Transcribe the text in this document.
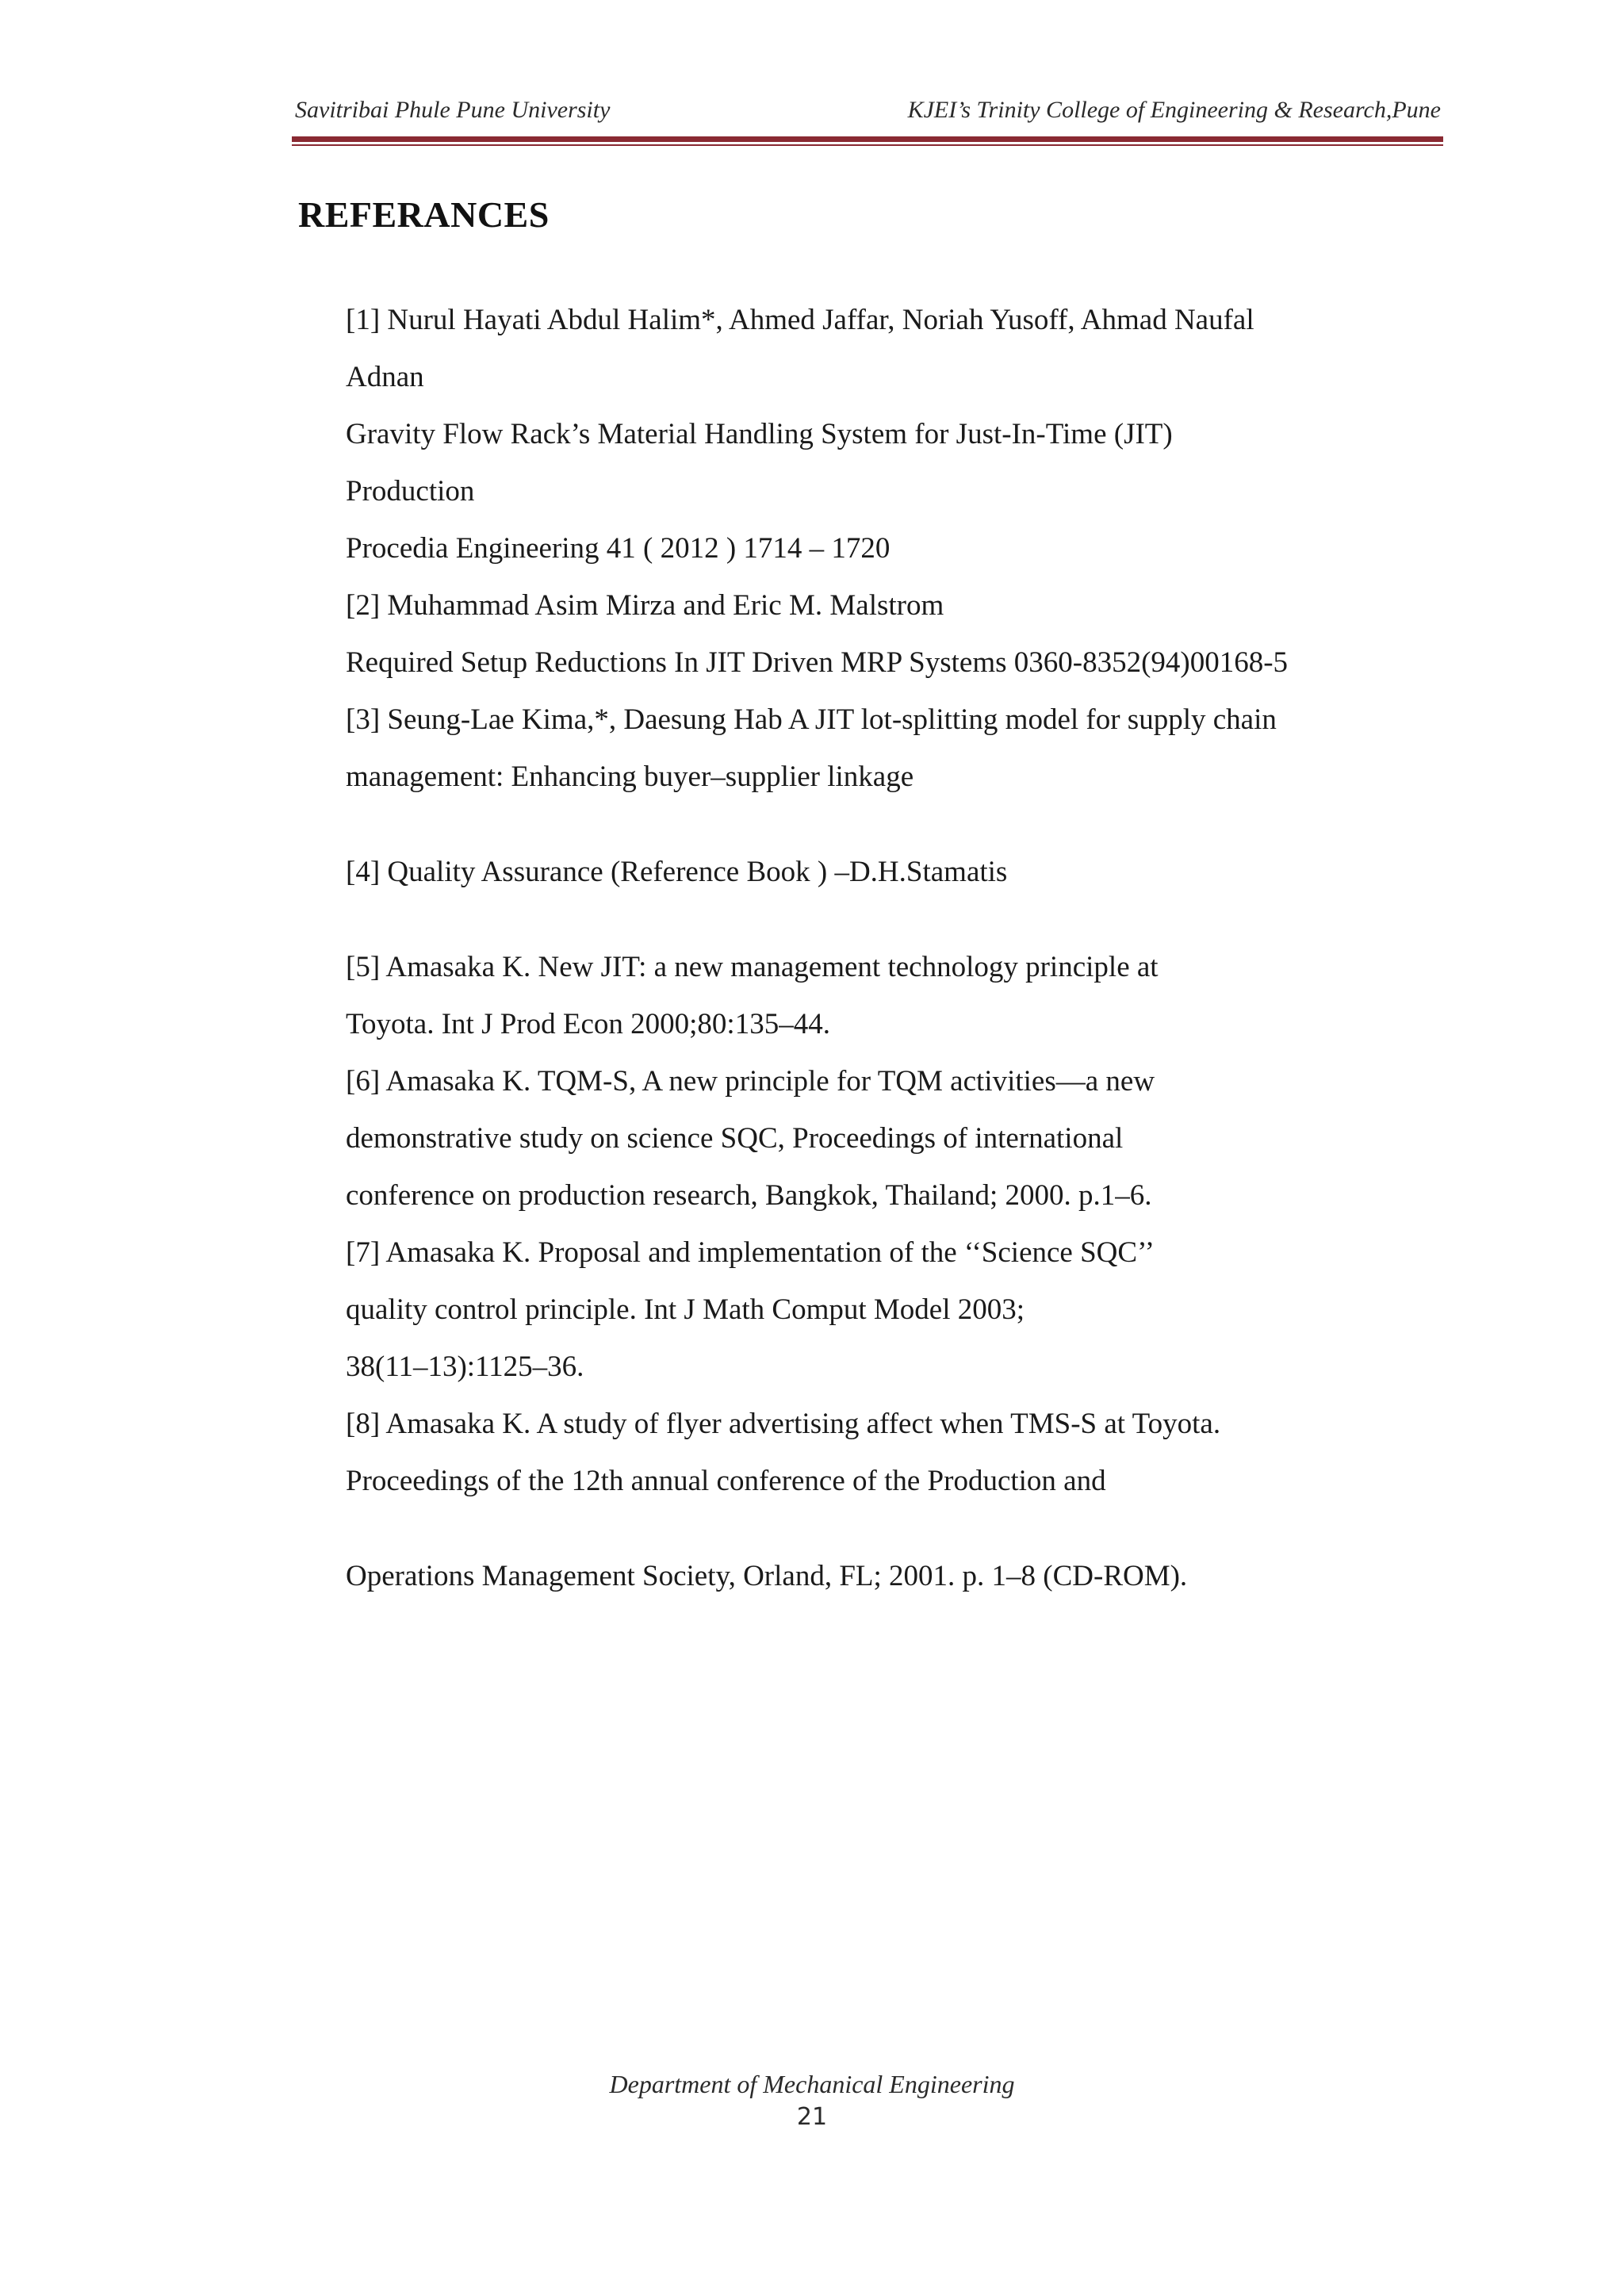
Savitribai Phule Pune University	KJEI’s Trinity College of Engineering & Research,Pune
REFERANCES
[1] Nurul Hayati Abdul Halim*, Ahmed Jaffar, Noriah Yusoff, Ahmad Naufal
Adnan
Gravity Flow Rack’s Material Handling System for Just-In-Time (JIT)
Production
Procedia Engineering 41 ( 2012 ) 1714 – 1720
[2] Muhammad Asim Mirza and Eric M. Malstrom
Required Setup Reductions In JIT Driven MRP Systems 0360-8352(94)00168-5
[3] Seung-Lae Kima,*, Daesung Hab A JIT lot-splitting model for supply chain
management: Enhancing buyer–supplier linkage
[4] Quality Assurance (Reference Book ) –D.H.Stamatis
[5] Amasaka K. New JIT: a new management technology principle at
Toyota. Int J Prod Econ 2000;80:135–44.
[6] Amasaka K. TQM-S, A new principle for TQM activities—a new
demonstrative study on science SQC, Proceedings of international
conference on production research, Bangkok, Thailand; 2000. p.1–6.
[7] Amasaka K. Proposal and implementation of the ‘‘Science SQC’’
quality control principle. Int J Math Comput Model 2003;
38(11–13):1125–36.
[8] Amasaka K. A study of flyer advertising affect when TMS-S at Toyota.
Proceedings of the 12th annual conference of the Production and
Operations Management Society, Orland, FL; 2001. p. 1–8 (CD-ROM).
Department of Mechanical Engineering
21
